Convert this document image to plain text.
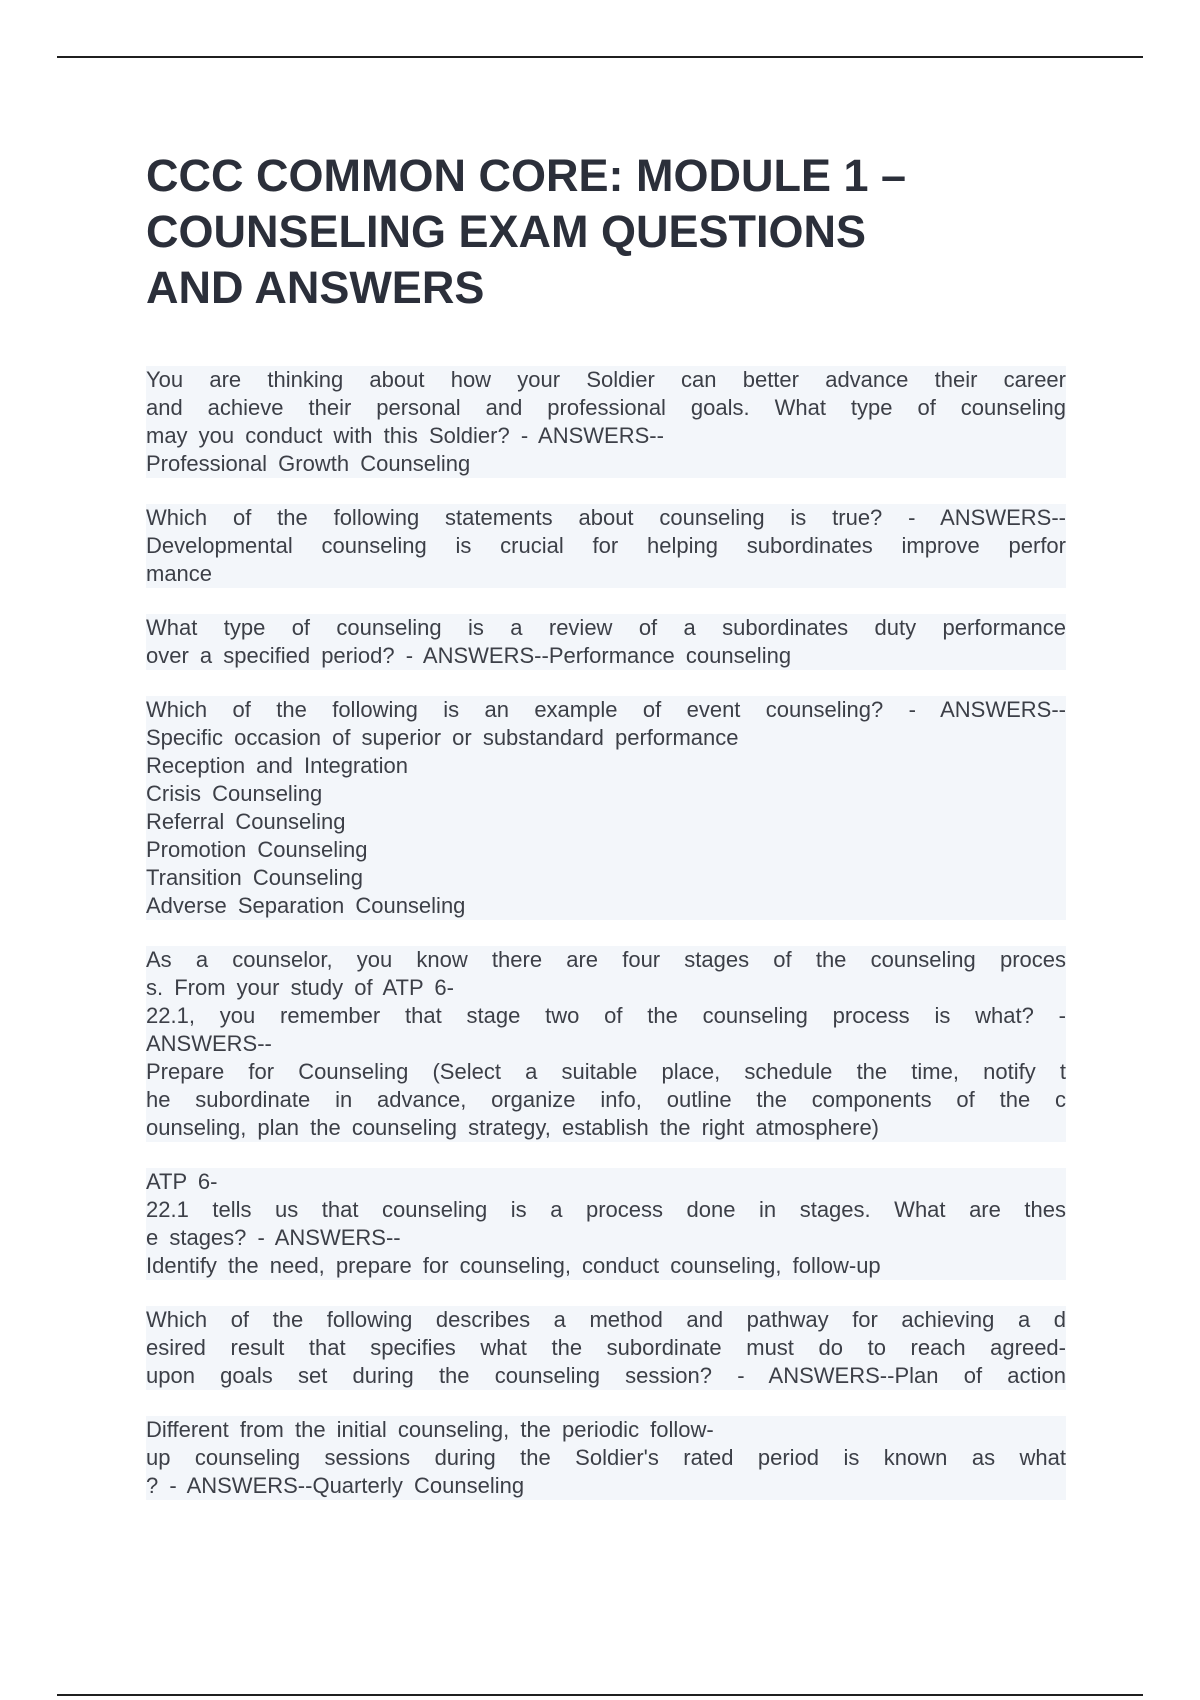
CCC COMMON CORE: MODULE 1 –
COUNSELING EXAM QUESTIONS
AND ANSWERS
You are thinking about how your Soldier can better advance their career
and achieve their personal and professional goals. What type of counseling
may you conduct with this Soldier? - ANSWERS--
Professional Growth Counseling
Which of the following statements about counseling is true? - ANSWERS--
Developmental counseling is crucial for helping subordinates improve perfor
mance
What type of counseling is a review of a subordinates duty performance
over a specified period? - ANSWERS--Performance counseling
Which of the following is an example of event counseling? - ANSWERS--
Specific occasion of superior or substandard performance
Reception and Integration
Crisis Counseling
Referral Counseling
Promotion Counseling
Transition Counseling
Adverse Separation Counseling
As a counselor, you know there are four stages of the counseling proces
s. From your study of ATP 6-
22.1, you remember that stage two of the counseling process is what? -
ANSWERS--
Prepare for Counseling (Select a suitable place, schedule the time, notify t
he subordinate in advance, organize info, outline the components of the c
ounseling, plan the counseling strategy, establish the right atmosphere)
ATP 6-
22.1 tells us that counseling is a process done in stages. What are thes
e stages? - ANSWERS--
Identify the need, prepare for counseling, conduct counseling, follow-up
Which of the following describes a method and pathway for achieving a d
esired result that specifies what the subordinate must do to reach agreed-
upon goals set during the counseling session? - ANSWERS--Plan of action
Different from the initial counseling, the periodic follow-
up counseling sessions during the Soldier's rated period is known as what
? - ANSWERS--Quarterly Counseling
